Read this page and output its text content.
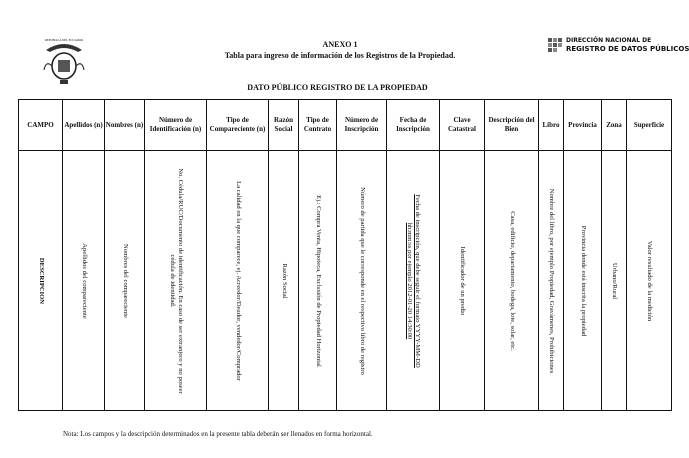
REPUBLICA DEL ECUADOR	ANEXO 1
Tabla para ingreso de información de los Registros de la Propiedad.
DIRECCIÓN NACIONAL DE
REGISTRO DE DATOS PÚBLICOS
DATO PÚBLICO REGISTRO DE LA PROPIEDAD
CAMPO	Apellidos (n)	Nombres (n)	Número de Identificación (n)	Tipo de Compareciente (n)	Razón Social	Tipo de Contrato	Número de Inscripción	Fecha de Inscripción	Clave Catastral	Descripción del Bien	Libro	Provincia	Zona	Superficie

DESCRIPCION	Apellidos del compareciente	Nombres del compareciente	No. Cédula/RUC/Documento de identificación. En caso de ser extranjero y no poseer cédula de identidad.	La calidad en la que comparece, ej. Acreedor/Deudor, vendedor/Comprador	Razón Social	Ej.: Compra Venta, Hipoteca, Exclusión de Propiedad Horizontal	Número de partida que le corresponde en el respectivo libro de registro	Fecha de inscripción, que debe seguir el formato YYYY-MM-DD hh:mm:ss por ejemplo 2012-01-20 14:30:00	Identificador de un predio	Casa, edificio, departamento, bodega, lote, solar, etc.	Nombre del libro, por ejemplo Propiedad, Gravámenes, Prohibiciones	Provincia donde está inscrita la propiedad	Urbano/Rural	Valor resultado de la medición
Nota: Los campos y la descripción determinados en la presente tabla deberán ser llenados en forma horizontal.
